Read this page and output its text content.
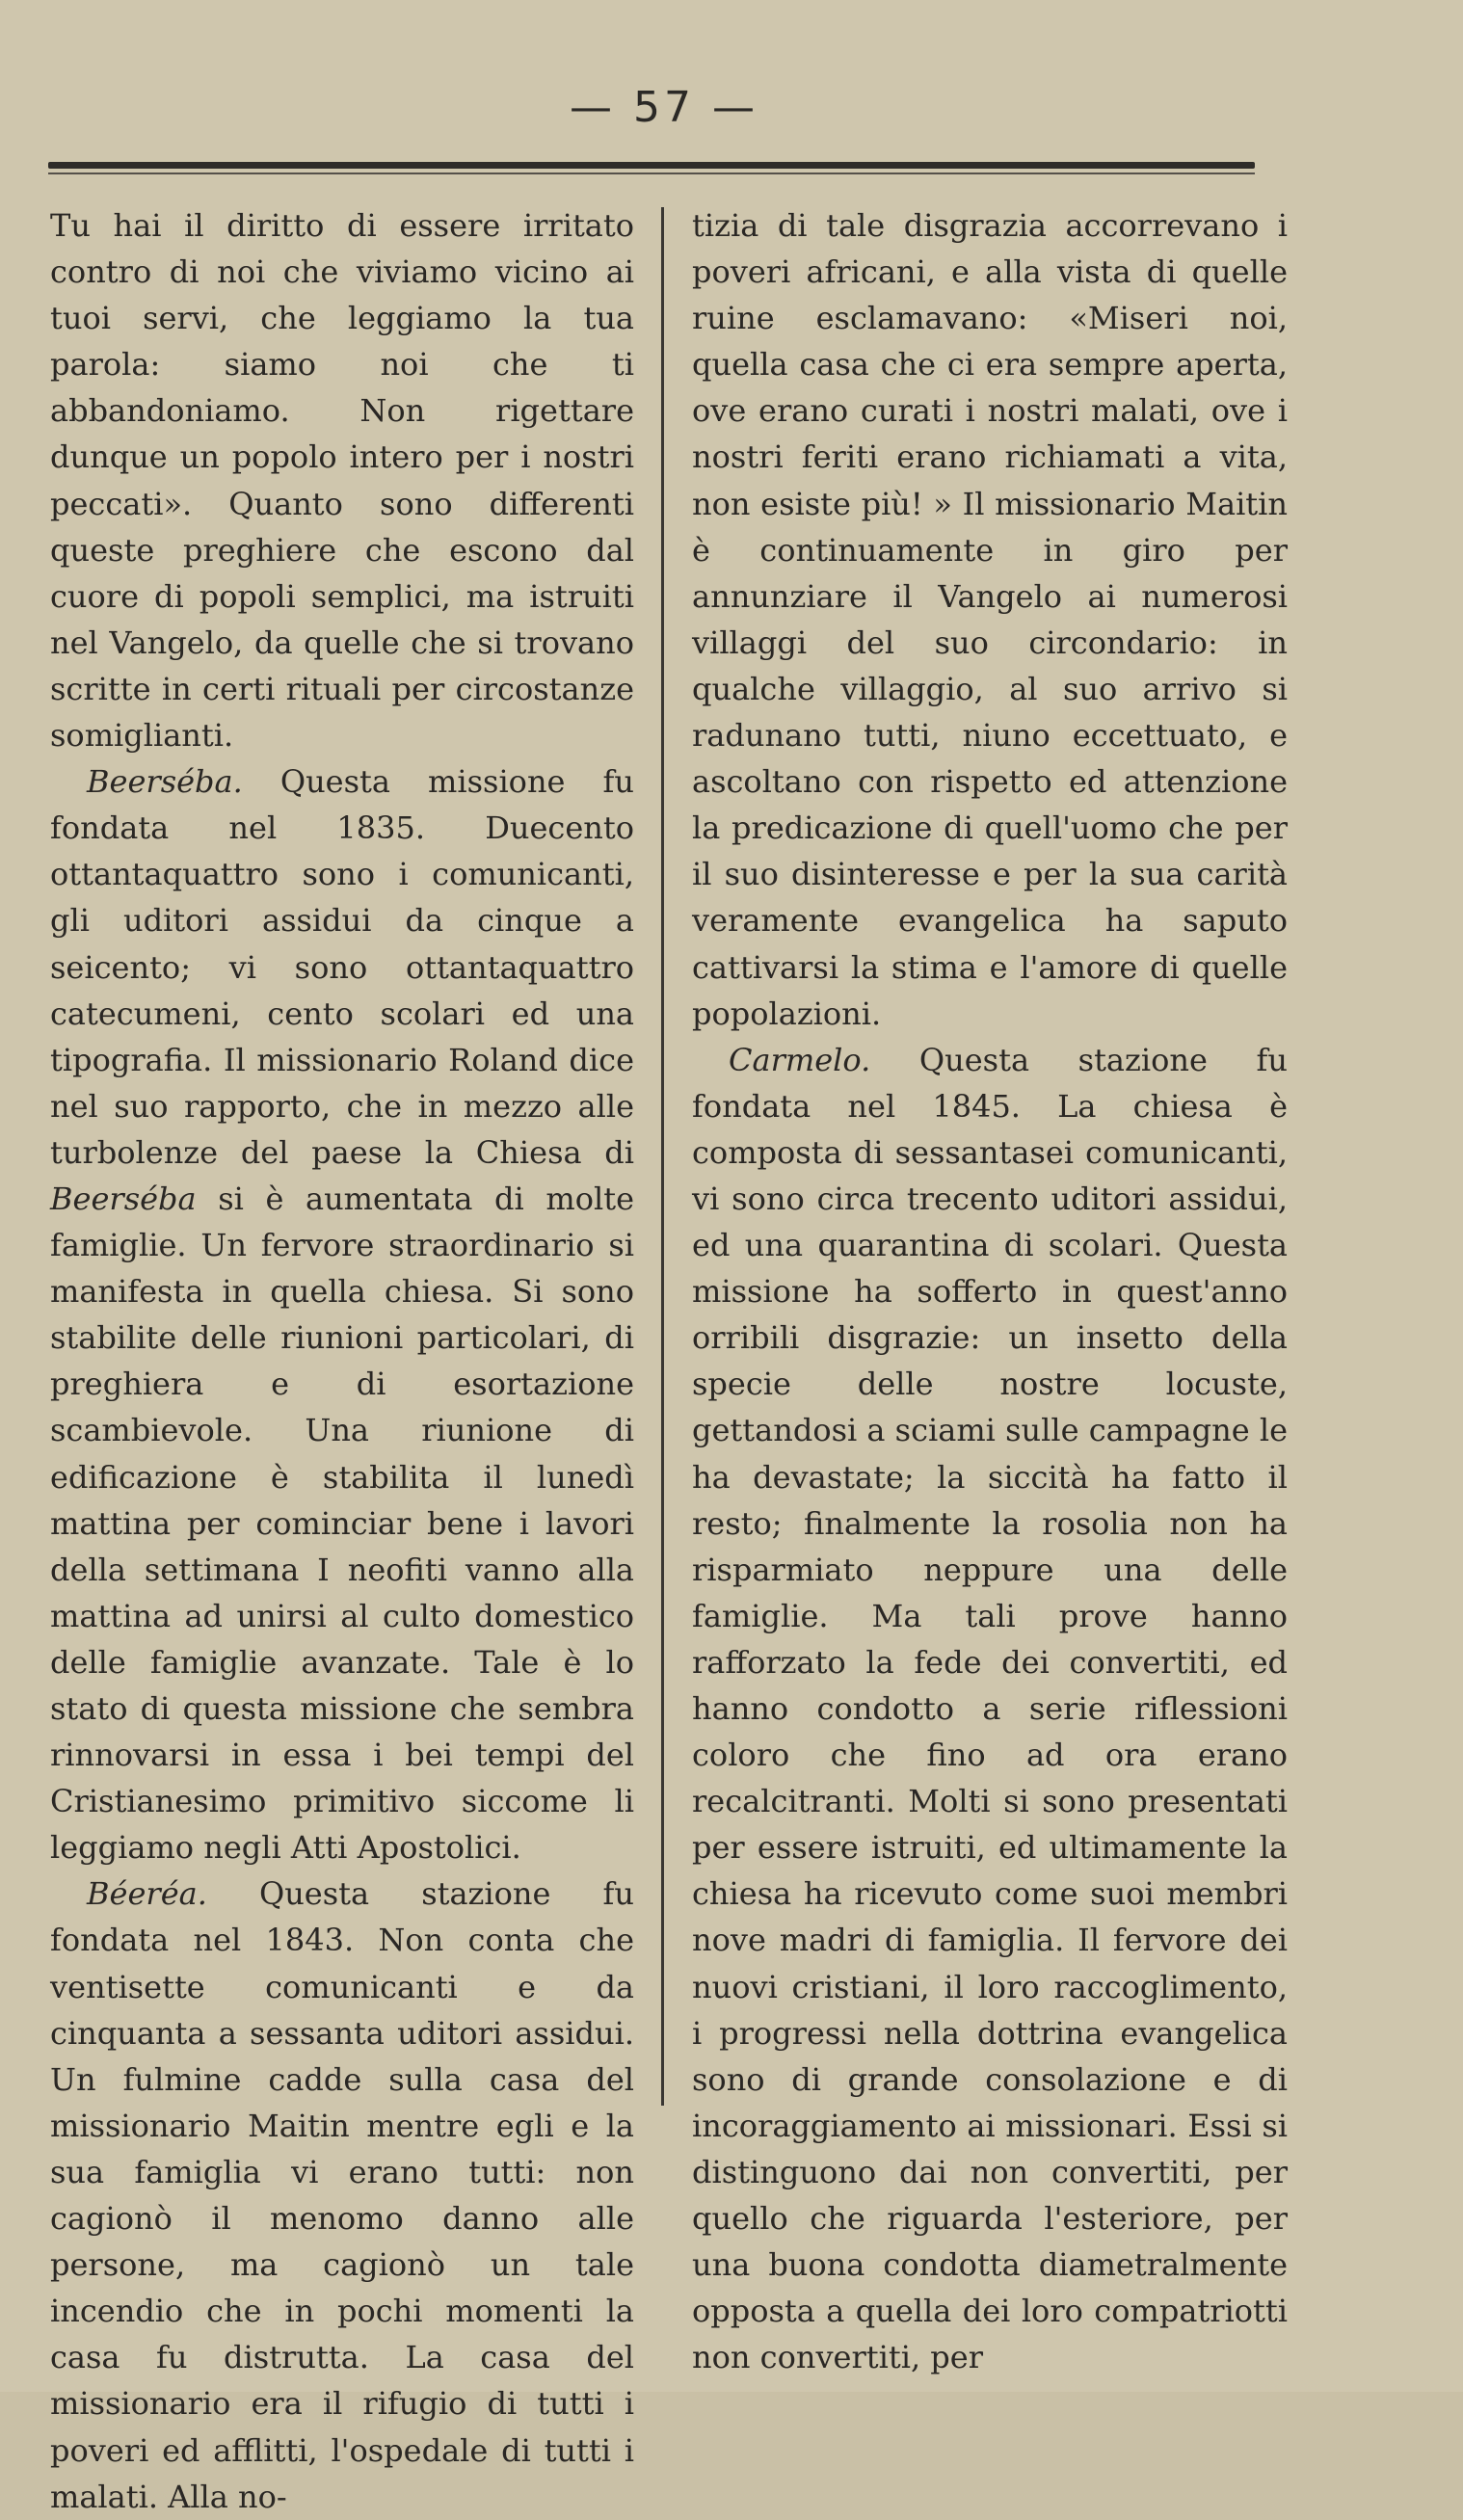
— 57 —

Tu hai il diritto di essere irritato contro di noi che viviamo vicino ai tuoi servi, che leggiamo la tua parola: siamo noi che ti abbandoniamo. Non rigettare dunque un popolo intero per i nostri peccati». Quanto sono differenti queste preghiere che escono dal cuore di popoli semplici, ma istruiti nel Vangelo, da quelle che si trovano scritte in certi rituali per circostanze somiglianti.

Beerséba. Questa missione fu fondata nel 1835. Duecento ottantaquattro sono i comunicanti, gli uditori assidui da cinque a seicento; vi sono ottantaquattro catecumeni, cento scolari ed una tipografia. Il missionario Roland dice nel suo rapporto, che in mezzo alle turbolenze del paese la Chiesa di Beerséba si è aumentata di molte famiglie. Un fervore straordinario si manifesta in quella chiesa. Si sono stabilite delle riunioni particolari, di preghiera e di esortazione scambievole. Una riunione di edificazione è stabilita il lunedì mattina per cominciar bene i lavori della settimana I neofiti vanno alla mattina ad unirsi al culto domestico delle famiglie avanzate. Tale è lo stato di questa missione che sembra rinnovarsi in essa i bei tempi del Cristianesimo primitivo siccome li leggiamo negli Atti Apostolici.

Béeréa. Questa stazione fu fondata nel 1843. Non conta che ventisette comunicanti e da cinquanta a sessanta uditori assidui. Un fulmine cadde sulla casa del missionario Maitin mentre egli e la sua famiglia vi erano tutti: non cagionò il menomo danno alle persone, ma cagionò un tale incendio che in pochi momenti la casa fu distrutta. La casa del missionario era il rifugio di tutti i poveri ed afflitti, l'ospedale di tutti i malati. Alla no-

tizia di tale disgrazia accorrevano i poveri africani, e alla vista di quelle ruine esclamavano: «Miseri noi, quella casa che ci era sempre aperta, ove erano curati i nostri malati, ove i nostri feriti erano richiamati a vita, non esiste più! » Il missionario Maitin è continuamente in giro per annunziare il Vangelo ai numerosi villaggi del suo circondario: in qualche villaggio, al suo arrivo si radunano tutti, niuno eccettuato, e ascoltano con rispetto ed attenzione la predicazione di quell'uomo che per il suo disinteresse e per la sua carità veramente evangelica ha saputo cattivarsi la stima e l'amore di quelle popolazioni.

Carmelo. Questa stazione fu fondata nel 1845. La chiesa è composta di sessantasei comunicanti, vi sono circa trecento uditori assidui, ed una quarantina di scolari. Questa missione ha sofferto in quest'anno orribili disgrazie: un insetto della specie delle nostre locuste, gettandosi a sciami sulle campagne le ha devastate; la siccità ha fatto il resto; finalmente la rosolia non ha risparmiato neppure una delle famiglie. Ma tali prove hanno rafforzato la fede dei convertiti, ed hanno condotto a serie riflessioni coloro che fino ad ora erano recalcitranti. Molti si sono presentati per essere istruiti, ed ultimamente la chiesa ha ricevuto come suoi membri nove madri di famiglia. Il fervore dei nuovi cristiani, il loro raccoglimento, i progressi nella dottrina evangelica sono di grande consolazione e di incoraggiamento ai missionari. Essi si distinguono dai non convertiti, per quello che riguarda l'esteriore, per una buona condotta diametralmente opposta a quella dei loro compatriotti non convertiti, per
